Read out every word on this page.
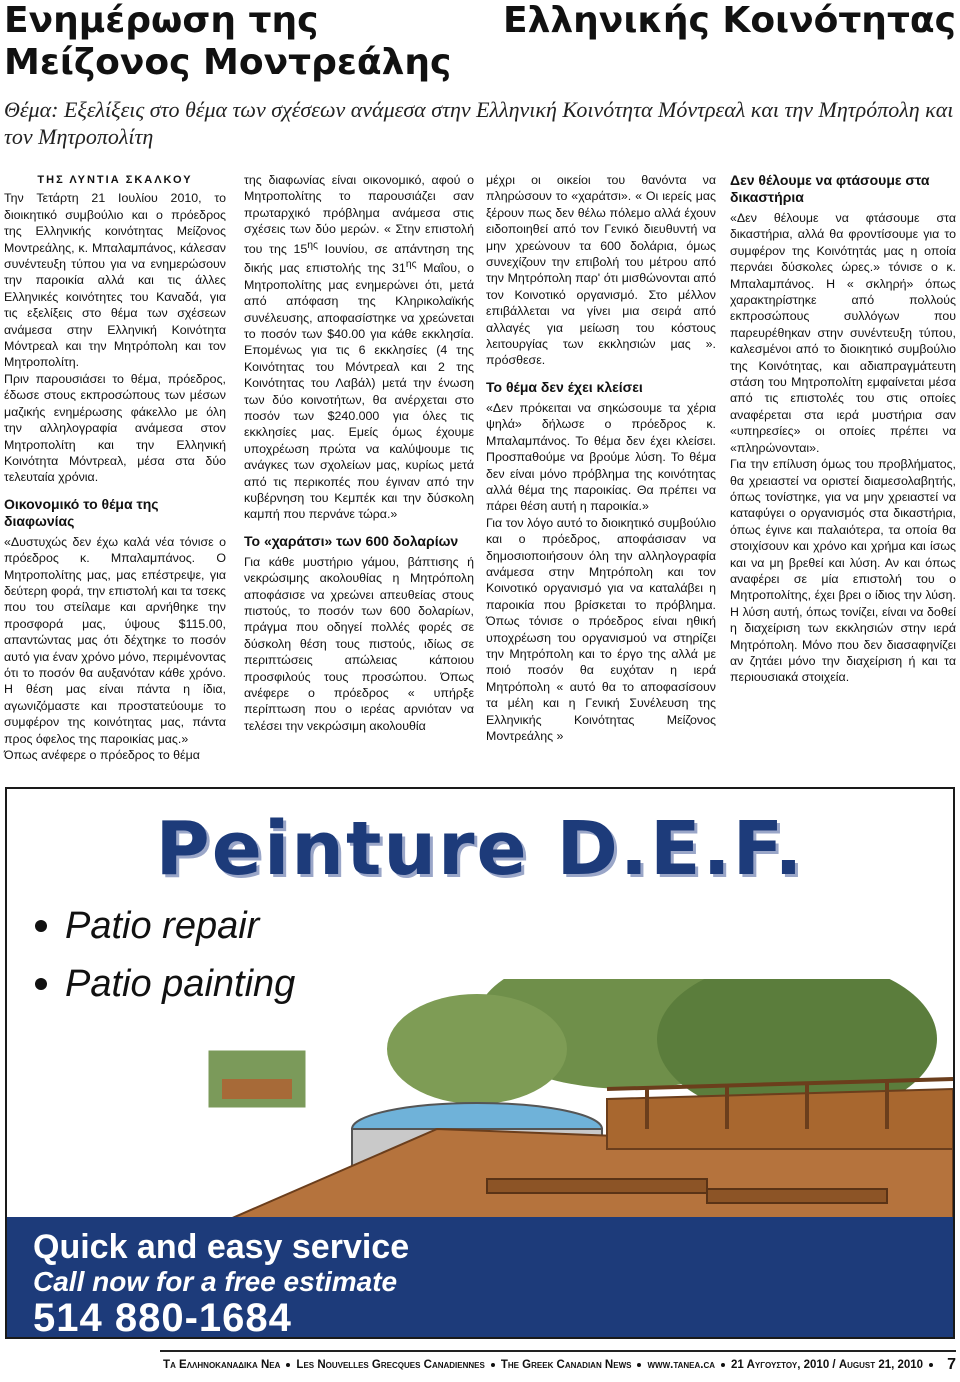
Ενημέρωση της	Ελληνικής Κοινότητας
Μείζονος Μοντρεάλης
Θέμα: Εξελίξεις στο θέμα των σχέσεων ανάμεσα στην Ελληνική Κοινότητα Μόντρεαλ και την Μητρόπολη και τον Μητροπολίτη

ΤΗΣ ΛΥΝΤΙΑ ΣΚΑΛΚΟΥ

Την Τετάρτη 21 Ιουλίου 2010, το διοικητικό συμβούλιο και ο πρόεδρος της Ελληνικής κοινότητας Μείζονος Μοντρεάλης, κ. Μπαλαμπάνος, κάλεσαν συνέντευξη τύπου για να ενημερώσουν την παροικία αλλά και τις άλλες Ελληνικές κοινότητες του Καναδά, για τις εξελίξεις στο θέμα των σχέσεων ανάμεσα στην Ελληνική Κοινότητα Μόντρεαλ και την Μητρόπολη και τον Μητροπολίτη.

Πριν παρουσιάσει το θέμα, πρόεδρος, έδωσε στους εκπροσώπους των μέσων μαζικής ενημέρωσης φάκελλο με όλη την αλληλογραφία ανάμεσα στον Μητροπολίτη και την Ελληνική Κοινότητα Μόντρεαλ, μέσα στα δύο τελευταία χρόνια.

Οικονομικό το θέμα της διαφωνίας

«Δυστυχώς δεν έχω καλά νέα τόνισε ο πρόεδρος κ. Μπαλαμπάνος. Ο Μητροπολίτης μας, μας επέστρεψε, για δεύτερη φορά, την επιστολή και τα τσεκς που του στείλαμε και αρνήθηκε την προσφορά μας, ύψους $115.00, απαντώντας μας ότι δέχτηκε το ποσόν αυτό για έναν χρόνο μόνο, περιμένοντας ότι το ποσόν θα αυξανόταν κάθε χρόνο. Η θέση μας είναι πάντα η ίδια, αγωνιζόμαστε και προστατεύουμε το συμφέρον της κοινότητας μας, πάντα προς όφελος της παροικίας μας.»

Όπως ανέφερε ο πρόεδρος το θέμα

της διαφωνίας είναι οικονομικό, αφού ο Μητροπολίτης το παρουσιάζει σαν πρωταρχικό πρόβλημα ανάμεσα στις σχέσεις των δύο μερών. « Στην επιστολή του της $15^{\eta\varsigma}$ Ιουνίου, σε απάντηση της δικής μας επιστολής της $31^{\eta\varsigma}$ Μαΐου, ο Μητροπολίτης μας ενημερώνει ότι, μετά από απόφαση της Κληρικολαϊκής συνέλευσης, αποφασίστηκε να χρεώνεται το ποσόν των $40.00 για κάθε εκκλησία. Επομένως για τις 6 εκκλησίες (4 της Κοινότητας του Μόντρεαλ και 2 της Κοινότητας του Λαβάλ) μετά την ένωση των δύο κοινοτήτων, θα ανέρχεται στο ποσόν των $240.000 για όλες τις εκκλησίες μας. Εμείς όμως έχουμε υποχρέωση πρώτα να καλύψουμε τις ανάγκες των σχολείων μας, κυρίως μετά από τις περικοπές που έγιναν από την κυβέρνηση του Κεμπέκ και την δύσκολη καμπή που περνάνε τώρα.»

Το «χαράτσι» των 600 δολαρίων

Για κάθε μυστήριο γάμου, βάπτισης ή νεκρώσιμης ακολουθίας η Μητρόπολη αποφάσισε να χρεώνει απευθείας στους πιστούς, το ποσόν των 600 δολαρίων, πράγμα που οδηγεί πολλές φορές σε δύσκολη θέση τους πιστούς, ιδίως σε περιπτώσεις απώλειας κάποιου προσφιλούς τους προσώπου. Όπως ανέφερε ο πρόεδρος « υπήρξε περίπτωση που ο ιερέας αρνιόταν να τελέσει την νεκρώσιμη ακολουθία

μέχρι οι οικείοι του θανόντα να πληρώσουν το «χαράτσι». « Οι ιερείς μας ξέρουν πως δεν θέλω πόλεμο αλλά έχουν ειδοποιηθεί από τον Γενικό διευθυντή να μην χρεώνουν τα 600 δολάρια, όμως συνεχίζουν την επιβολή του μέτρου από την Μητρόπολη παρ' ότι μισθώνονται από τον Κοινοτικό οργανισμό. Στο μέλλον επιβάλλεται να γίνει μια σειρά από αλλαγές για μείωση του κόστους λειτουργίας των εκκλησιών μας ». πρόσθεσε.

Το θέμα δεν έχει κλείσει

«Δεν πρόκειται να σηκώσουμε τα χέρια ψηλά» δήλωσε ο πρόεδρος κ. Μπαλαμπάνος. Το θέμα δεν έχει κλείσει. Προσπαθούμε να βρούμε λύση. Το θέμα δεν είναι μόνο πρόβλημα της κοινότητας αλλά θέμα της παροικίας. Θα πρέπει να πάρει θέση αυτή η παροικία.»

Για τον λόγο αυτό το διοικητικό συμβούλιο και ο πρόεδρος, αποφάσισαν να δημοσιοποιήσουν όλη την αλληλογραφία ανάμεσα στην Μητρόπολη και τον Κοινοτικό οργανισμό για να καταλάβει η παροικία που βρίσκεται το πρόβλημα. Όπως τόνισε ο πρόεδρος είναι ηθική υποχρέωση του οργανισμού να στηρίζει την Μητρόπολη και το έργο της αλλά με ποιό ποσόν θα ευχόταν η ιερά Μητρόπολη « αυτό θα το αποφασίσουν τα μέλη και η Γενική Συνέλευση της Ελληνικής Κοινότητας Μείζονος Μοντρεάλης »

Δεν θέλουμε να φτάσουμε στα δικαστήρια

«Δεν θέλουμε να φτάσουμε στα δικαστήρια, αλλά θα φροντίσουμε για το συμφέρον της Κοινότητάς μας η οποία περνάει δύσκολες ώρες.» τόνισε ο κ. Μπαλαμπάνος. Η « σκληρή» όπως χαρακτηρίστηκε από πολλούς εκπροσώπους συλλόγων που παρευρέθηκαν στην συνέντευξη τύπου, καλεσμένοι από το διοικητικό συμβούλιο της Κοινότητας, και αδιαπραγμάτευτη στάση του Μητροπολίτη εμφαίνεται μέσα από τις επιστολές του στις οποίες αναφέρεται στα ιερά μυστήρια σαν «υπηρεσίες» οι οποίες πρέπει να «πληρώνονται».

Για την επίλυση όμως του προβλήματος, θα χρειαστεί να οριστεί διαμεσολαβητής, όπως τονίστηκε, για να μην χρειαστεί να καταφύγει ο οργανισμός στα δικαστήρια, όπως έγινε και παλαιότερα, τα οποία θα στοιχίσουν και χρόνο και χρήμα και ίσως και να μη βρεθεί και λύση. Αν και όπως αναφέρει σε μία επιστολή του ο Μητροπολίτης, έχει βρει ο ίδιος την λύση. Η λύση αυτή, όπως τονίζει, είναι να δοθεί η διαχείριση των εκκλησιών στην ιερά Μητρόπολη. Μόνο που δεν διασαφηνίζει αν ζητάει μόνο την διαχείριση ή και τα περιουσιακά στοιχεία.

Peinture D.E.F.
Patio repair
Patio painting
Quick and easy service
Call now for a free estimate
514 880-1684
Τα Ελληνοκαναδικα Νεα Les Nouvelles Grecques Canadiennes The Greek Canadian News www.tanea.ca 21 Αυγουστου, 2010 / August 21, 2010 7
